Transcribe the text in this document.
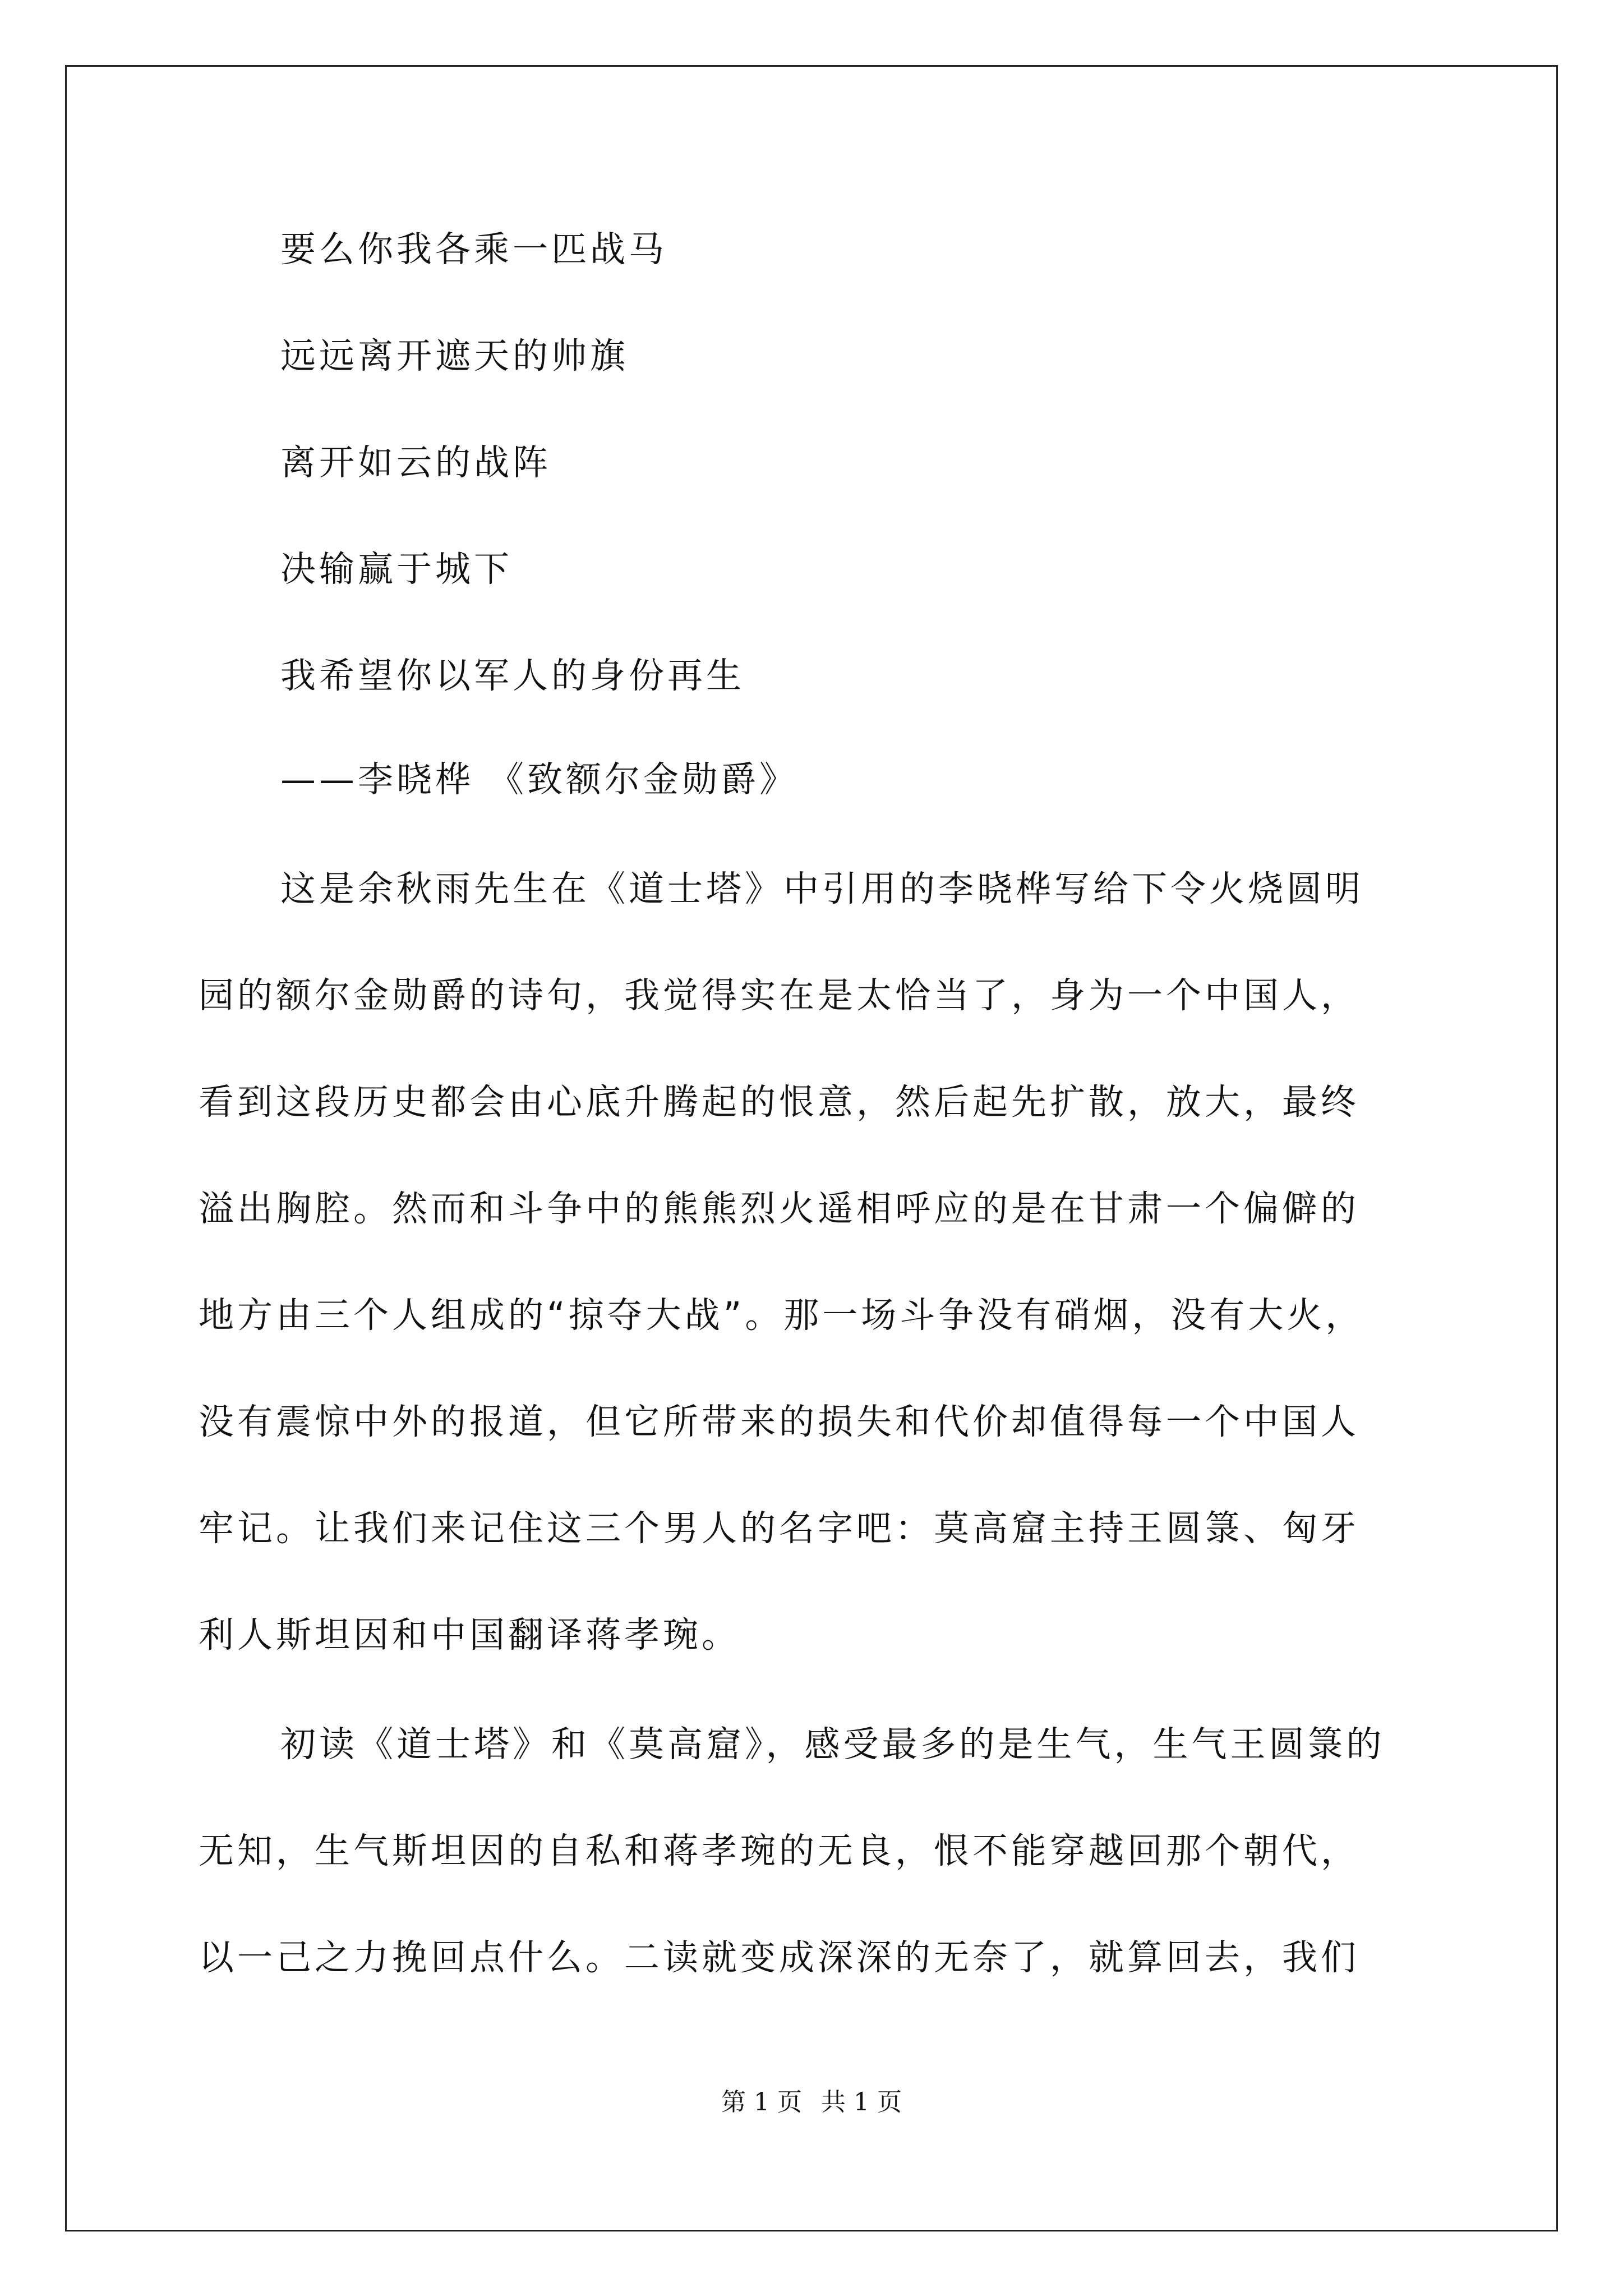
要么你我各乘一匹战马
远远离开遮天的帅旗
离开如云的战阵
决输赢于城下
我希望你以军人的身份再生
——李晓桦 《致额尔金勋爵》
这是余秋雨先生在《道士塔》中引用的李晓桦写给下令火烧圆明
园的额尔金勋爵的诗句，我觉得实在是太恰当了，身为一个中国人，
看到这段历史都会由心底升腾起的恨意，然后起先扩散，放大，最终
溢出胸腔。然而和斗争中的熊熊烈火遥相呼应的是在甘肃一个偏僻的
地方由三个人组成的“掠夺大战”。那一场斗争没有硝烟，没有大火，
没有震惊中外的报道，但它所带来的损失和代价却值得每一个中国人
牢记。让我们来记住这三个男人的名字吧：莫高窟主持王圆箓、匈牙
利人斯坦因和中国翻译蒋孝琬。
初读《道士塔》和《莫高窟》，感受最多的是生气，生气王圆箓的
无知，生气斯坦因的自私和蒋孝琬的无良，恨不能穿越回那个朝代，
以一己之力挽回点什么。二读就变成深深的无奈了，就算回去，我们
第 1 页 共 1 页
